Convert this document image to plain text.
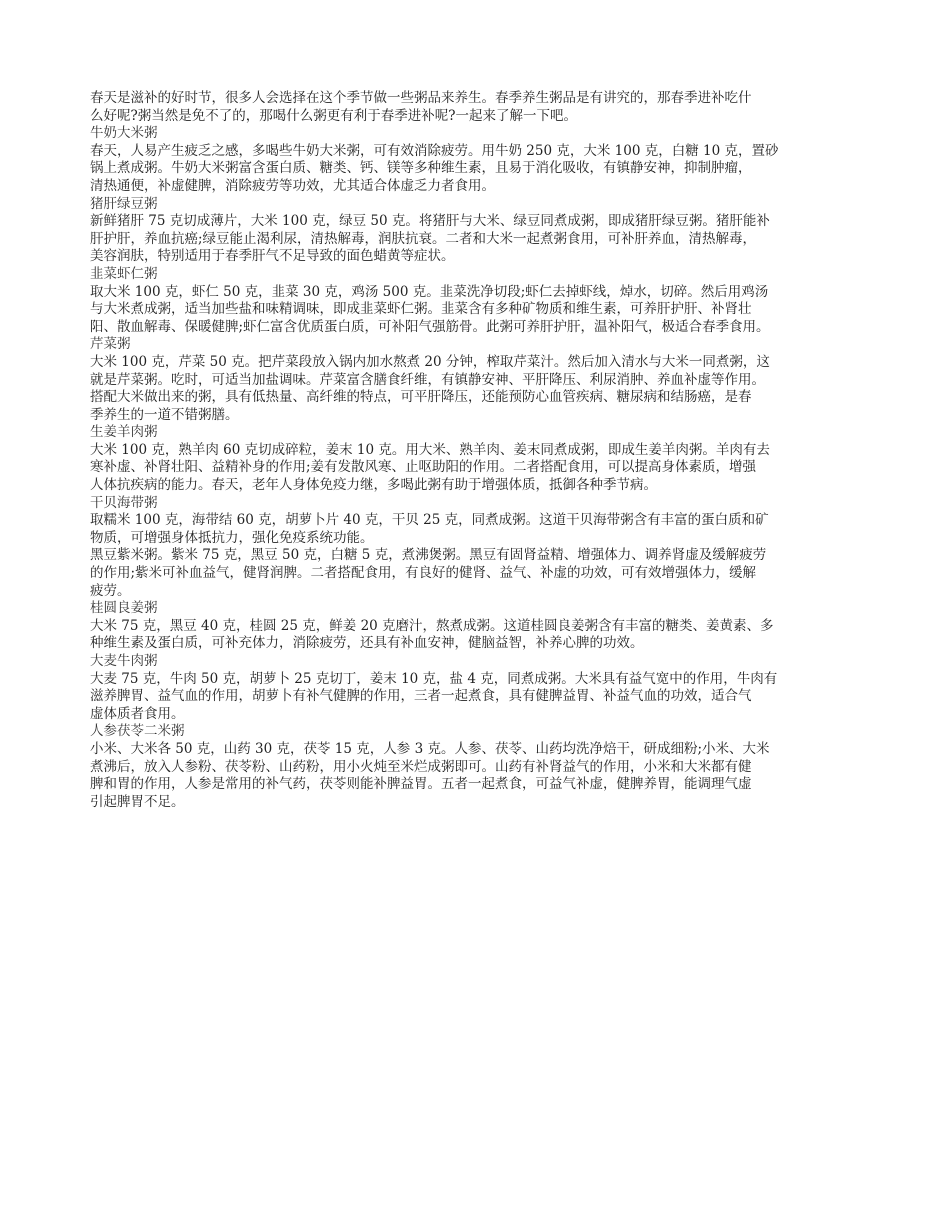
春天是滋补的好时节，很多人会选择在这个季节做一些粥品来养生。春季养生粥品是有讲究的，那春季进补吃什
么好呢?粥当然是免不了的，那喝什么粥更有利于春季进补呢?一起来了解一下吧。

牛奶大米粥

春天，人易产生疲乏之感，多喝些牛奶大米粥，可有效消除疲劳。用牛奶 250 克，大米 100 克，白糖 10 克，置砂
锅上煮成粥。牛奶大米粥富含蛋白质、糖类、钙、镁等多种维生素，且易于消化吸收，有镇静安神，抑制肿瘤，
清热通便，补虚健脾，消除疲劳等功效，尤其适合体虚乏力者食用。

猪肝绿豆粥

新鲜猪肝 75 克切成薄片，大米 100 克，绿豆 50 克。将猪肝与大米、绿豆同煮成粥，即成猪肝绿豆粥。猪肝能补
肝护肝，养血抗癌;绿豆能止渴利尿，清热解毒，润肤抗衰。二者和大米一起煮粥食用，可补肝养血，清热解毒，
美容润肤，特别适用于春季肝气不足导致的面色蜡黄等症状。

韭菜虾仁粥

取大米 100 克，虾仁 50 克，韭菜 30 克，鸡汤 500 克。韭菜洗净切段;虾仁去掉虾线，焯水，切碎。然后用鸡汤
与大米煮成粥，适当加些盐和味精调味，即成韭菜虾仁粥。韭菜含有多种矿物质和维生素，可养肝护肝、补肾壮
阳、散血解毒、保暖健脾;虾仁富含优质蛋白质，可补阳气强筋骨。此粥可养肝护肝，温补阳气，极适合春季食用。

芹菜粥

大米 100 克，芹菜 50 克。把芹菜段放入锅内加水熬煮 20 分钟，榨取芹菜汁。然后加入清水与大米一同煮粥，这
就是芹菜粥。吃时，可适当加盐调味。芹菜富含膳食纤维，有镇静安神、平肝降压、利尿消肿、养血补虚等作用。
搭配大米做出来的粥，具有低热量、高纤维的特点，可平肝降压，还能预防心血管疾病、糖尿病和结肠癌，是春
季养生的一道不错粥膳。

生姜羊肉粥

大米 100 克，熟羊肉 60 克切成碎粒，姜末 10 克。用大米、熟羊肉、姜末同煮成粥，即成生姜羊肉粥。羊肉有去
寒补虚、补肾壮阳、益精补身的作用;姜有发散风寒、止呕助阳的作用。二者搭配食用，可以提高身体素质，增强
人体抗疾病的能力。春天，老年人身体免疫力继，多喝此粥有助于增强体质，抵御各种季节病。

干贝海带粥

取糯米 100 克，海带结 60 克，胡萝卜片 40 克，干贝 25 克，同煮成粥。这道干贝海带粥含有丰富的蛋白质和矿
物质，可增强身体抵抗力，强化免疫系统功能。
黑豆紫米粥。紫米 75 克，黑豆 50 克，白糖 5 克，煮沸煲粥。黑豆有固肾益精、增强体力、调养肾虚及缓解疲劳
的作用;紫米可补血益气，健肾润脾。二者搭配食用，有良好的健肾、益气、补虚的功效，可有效增强体力，缓解
疲劳。

桂圆良姜粥

大米 75 克，黑豆 40 克，桂圆 25 克，鲜姜 20 克磨汁，熬煮成粥。这道桂圆良姜粥含有丰富的糖类、姜黄素、多
种维生素及蛋白质，可补充体力，消除疲劳，还具有补血安神，健脑益智，补养心脾的功效。

大麦牛肉粥

大麦 75 克，牛肉 50 克，胡萝卜 25 克切丁，姜末 10 克，盐 4 克，同煮成粥。大米具有益气宽中的作用，牛肉有
滋养脾胃、益气血的作用，胡萝卜有补气健脾的作用，三者一起煮食，具有健脾益胃、补益气血的功效，适合气
虚体质者食用。

人参茯苓二米粥

小米、大米各 50 克，山药 30 克，茯苓 15 克，人参 3 克。人参、茯苓、山药均洗净焙干，研成细粉;小米、大米
煮沸后，放入人参粉、茯苓粉、山药粉，用小火炖至米烂成粥即可。山药有补肾益气的作用，小米和大米都有健
脾和胃的作用，人参是常用的补气药，茯苓则能补脾益胃。五者一起煮食，可益气补虚，健脾养胃，能调理气虚
引起脾胃不足。
